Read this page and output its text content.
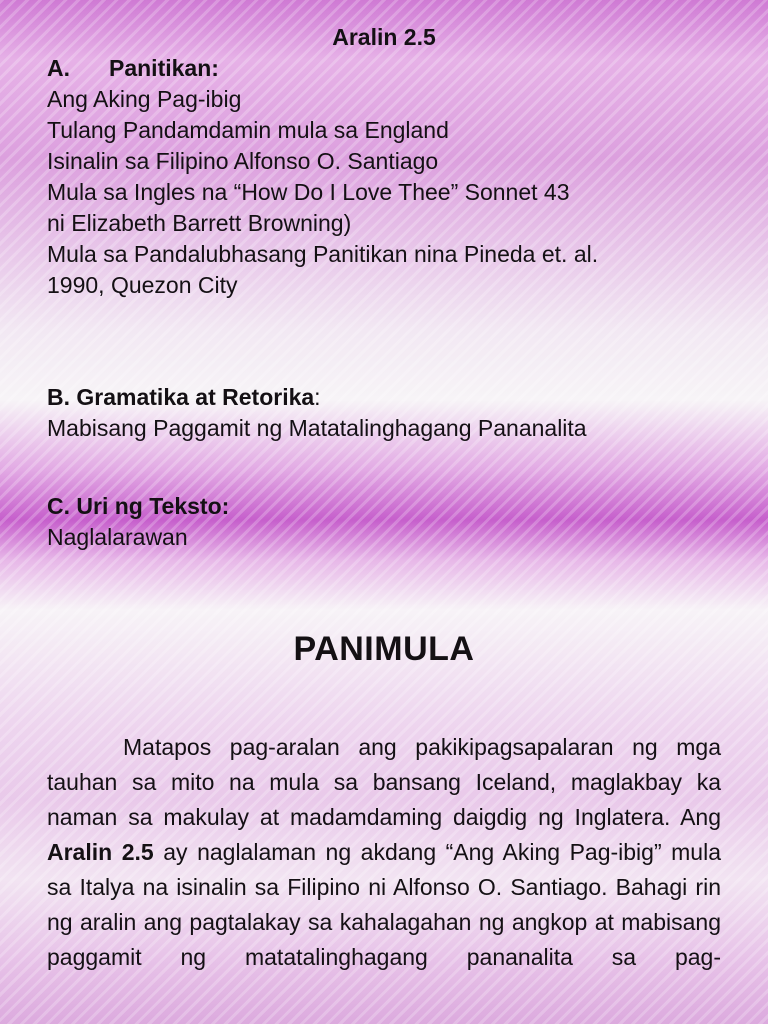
Aralin 2.5
A. Panitikan:
Ang Aking Pag-ibig
Tulang Pandamdamin mula sa England
Isinalin sa Filipino Alfonso O. Santiago
Mula sa Ingles na “How Do I Love Thee” Sonnet 43
ni Elizabeth Barrett Browning)
Mula sa Pandalubhasang Panitikan nina Pineda et. al.
1990, Quezon City
B. Gramatika at Retorika:
Mabisang Paggamit ng Matatalinghagang Pananalita
C. Uri ng Teksto:
Naglalarawan
PANIMULA

Matapos pag-aralan ang pakikipagsapalaran ng mga tauhan sa mito na mula sa bansang Iceland, maglakbay ka naman sa makulay at madamdaming daigdig ng Inglatera. Ang Aralin 2.5 ay naglalaman ng akdang “Ang Aking Pag-ibig” mula sa Italya na isinalin sa Filipino ni Alfonso O. Santiago. Bahagi rin ng aralin ang pagtalakay sa kahalagahan ng angkop at mabisang paggamit ng matatalinghagang pananalita sa pag-
